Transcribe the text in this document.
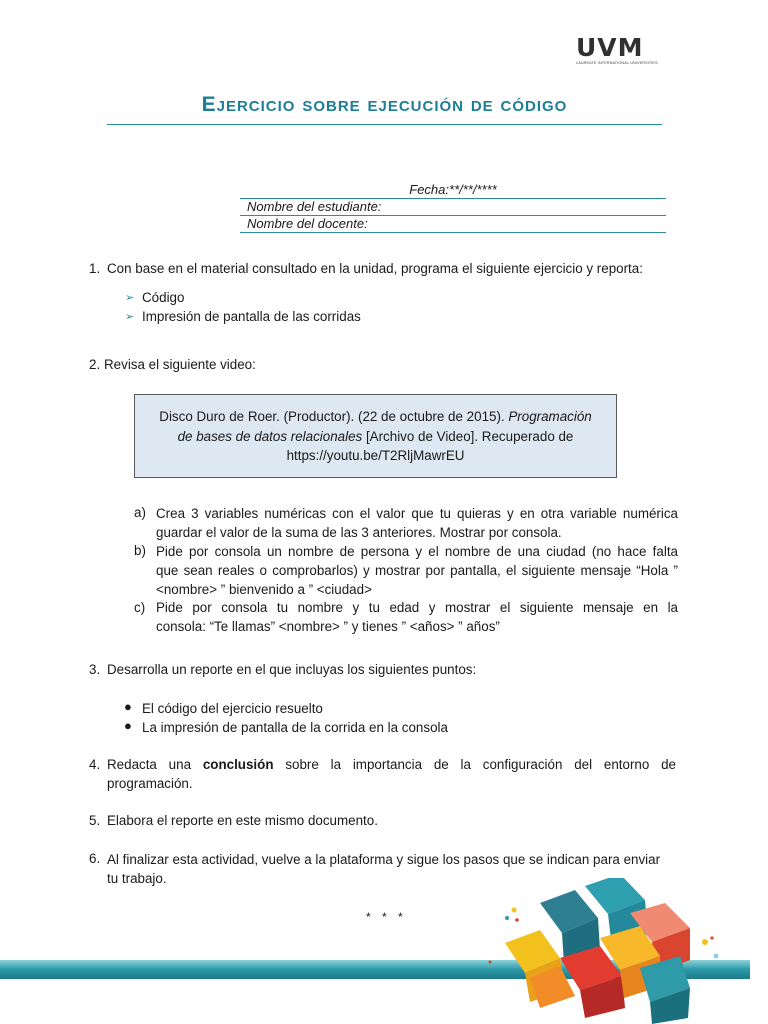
UVM
LAUREATE INTERNATIONAL UNIVERSITIES
Ejercicio sobre ejecución de código
Fecha:**/**/****
Nombre del estudiante:
Nombre del docente:
1. Con base en el material consultado en la unidad, programa el siguiente ejercicio y reporta:
➢ Código
➢ Impresión de pantalla de las corridas
2. Revisa el siguiente video:
Disco Duro de Roer. (Productor). (22 de octubre de 2015). Programación
de bases de datos relacionales [Archivo de Video]. Recuperado de
https://youtu.be/T2RljMawrEU
a) Crea 3 variables numéricas con el valor que tu quieras y en otra variable numérica
guardar el valor de la suma de las 3 anteriores. Mostrar por consola.
b) Pide por consola un nombre de persona y el nombre de una ciudad (no hace falta
que sean reales o comprobarlos) y mostrar por pantalla, el siguiente mensaje “Hola ”
<nombre> ” bienvenido a ” <ciudad>
c) Pide por consola tu nombre y tu edad y mostrar el siguiente mensaje en la
consola: “Te llamas” <nombre> ” y tienes ” <años> ” años”
3. Desarrolla un reporte en el que incluyas los siguientes puntos:
● El código del ejercicio resuelto
● La impresión de pantalla de la corrida en la consola
4. Redacta una conclusión sobre la importancia de la configuración del entorno de
programación.
5. Elabora el reporte en este mismo documento.
6. Al finalizar esta actividad, vuelve a la plataforma y sigue los pasos que se indican para enviar
tu trabajo.
* * *
